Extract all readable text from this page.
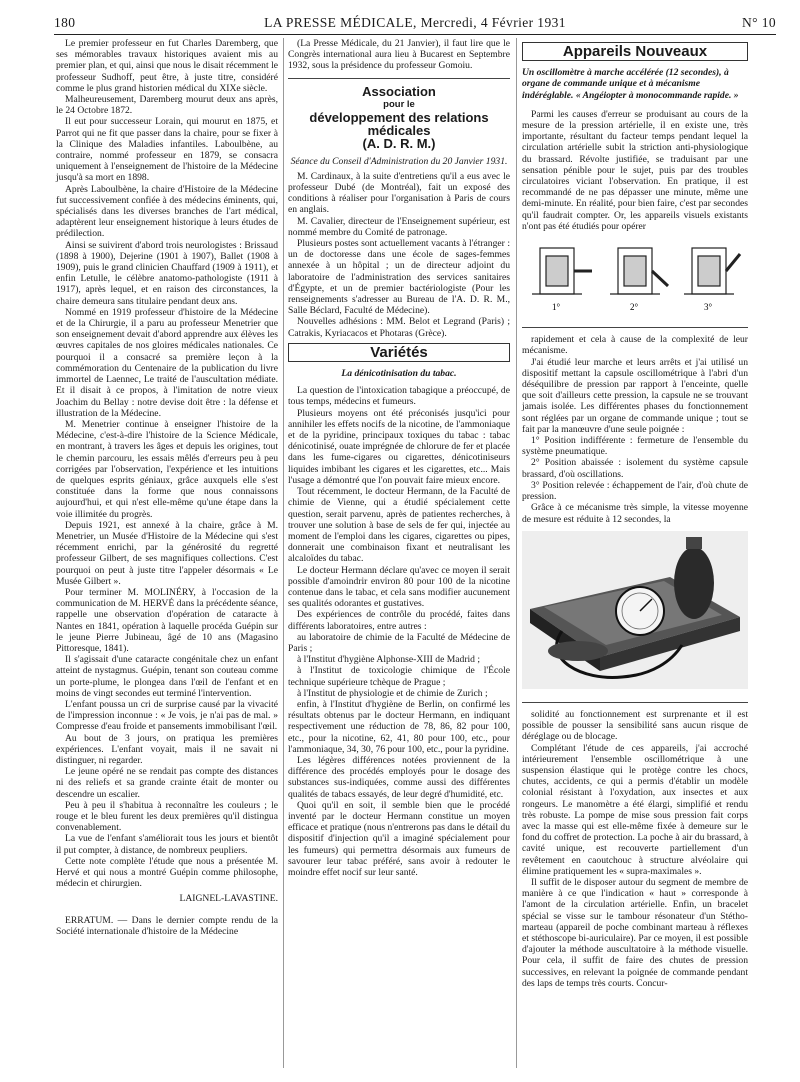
180	LA PRESSE MÉDICALE, Mercredi, 4 Février 1931	N° 10

Le premier professeur en fut Charles Daremberg, que ses mémorables travaux historiques avaient mis au premier plan, et qui, ainsi que nous le disait récemment le professeur Sudhoff, peut être, à juste titre, considéré comme le plus grand historien médical du XIXe siècle.

Malheureusement, Daremberg mourut deux ans après, le 24 Octobre 1872.

Il eut pour successeur Lorain, qui mourut en 1875, et Parrot qui ne fit que passer dans la chaire, pour se fixer à la Clinique des Maladies infantiles. Laboulbène, au contraire, nommé professeur en 1879, se consacra uniquement à l'enseignement de l'histoire de la Médecine jusqu'à sa mort en 1898.

Après Laboulbène, la chaire d'Histoire de la Médecine fut successivement confiée à des médecins éminents, qui, spécialisés dans les diverses branches de l'art médical, adaptèrent leur enseignement historique à leurs études de prédilection.

Ainsi se suivirent d'abord trois neurologistes : Brissaud (1898 à 1900), Dejerine (1901 à 1907), Ballet (1908 à 1909), puis le grand clinicien Chauffard (1909 à 1911), et enfin Letulle, le célèbre anatomo-pathologiste (1911 à 1917), après lequel, et en raison des circonstances, la chaire demeura sans titulaire pendant deux ans.

Nommé en 1919 professeur d'histoire de la Médecine et de la Chirurgie, il a paru au professeur Menetrier que son enseignement devait d'abord apprendre aux élèves les œuvres capitales de nos gloires médicales nationales. Ce pourquoi il a consacré sa première leçon à la commémoration du Centenaire de la publication du livre immortel de Laennec, Le traité de l'auscultation médiate. Et il disait à ce propos, à l'imitation de notre vieux Joachim du Bellay : notre devise doit être : la défense et illustration de la Médecine.

M. Menetrier continue à enseigner l'histoire de la Médecine, c'est-à-dire l'histoire de la Science Médicale, en montrant, à travers les âges et depuis les origines, tout le chemin parcouru, les essais mêlés d'erreurs peu à peu corrigées par l'observation, l'expérience et les intuitions de quelques esprits géniaux, grâce auxquels elle s'est constituée dans la forme que nous connaissons aujourd'hui, et qui n'est elle-même qu'une étape dans la voie illimitée du progrès.

Depuis 1921, est annexé à la chaire, grâce à M. Menetrier, un Musée d'Histoire de la Médecine qui s'est récemment enrichi, par la générosité du regretté professeur Gilbert, de ses magnifiques collections. C'est pourquoi on peut à juste titre l'appeler désormais « Le Musée Gilbert ».

Pour terminer M. MOLINÉRY, à l'occasion de la communication de M. HERVÉ dans la précédente séance, rappelle une observation d'opération de cataracte à Nantes en 1841, opération à laquelle procéda Guépin sur le jeune Pierre Jubineau, âgé de 10 ans (Magasino Pittoresque, 1841).

Il s'agissait d'une cataracte congénitale chez un enfant atteint de nystagmus. Guépin, tenant son couteau comme un porte-plume, le plongea dans l'œil de l'enfant et en moins de vingt secondes eut terminé l'intervention.

L'enfant poussa un cri de surprise causé par la vivacité de l'impression inconnue : « Je vois, je n'ai pas de mal. » Compresse d'eau froide et pansements immobilisant l'œil.

Au bout de 3 jours, on pratiqua les premières expériences. L'enfant voyait, mais il ne savait ni distinguer, ni regarder.

Le jeune opéré ne se rendait pas compte des distances ni des reliefs et sa grande crainte était de monter ou descendre un escalier.

Peu à peu il s'habitua à reconnaître les couleurs ; le rouge et le bleu furent les deux premières qu'il distingua convenablement.

La vue de l'enfant s'améliorait tous les jours et bientôt il put compter, à distance, de nombreux peupliers.

Cette note complète l'étude que nous a présentée M. Hervé et qui nous a montré Guépin comme philosophe, médecin et chirurgien.

LAIGNEL-LAVASTINE.

ERRATUM. — Dans le dernier compte rendu de la Société internationale d'histoire de la Médecine

(La Presse Médicale, du 21 Janvier), il faut lire que le Congrès international aura lieu à Bucarest en Septembre 1932, sous la présidence du professeur Gomoiu.

Association
pour le
développement des relations médicales
(A. D. R. M.)
Séance du Conseil d'Administration du 20 Janvier 1931.

M. Cardinaux, à la suite d'entretiens qu'il a eus avec le professeur Dubé (de Montréal), fait un exposé des conditions à réaliser pour l'organisation à Paris de cours en anglais.

M. Cavalier, directeur de l'Enseignement supérieur, est nommé membre du Comité de patronage.

Plusieurs postes sont actuellement vacants à l'étranger : un de doctoresse dans une école de sages-femmes annexée à un hôpital ; un de directeur adjoint du laboratoire de l'administration des services sanitaires d'Égypte, et un de premier bactériologiste (Pour les renseignements s'adresser au Bureau de l'A. D. R. M., Salle Béclard, Faculté de Médecine).

Nouvelles adhésions : MM. Belot et Legrand (Paris) ; Catrakis, Kyriacacos et Photaras (Grèce).

Variétés
La dénicotinisation du tabac.

La question de l'intoxication tabagique a préoccupé, de tous temps, médecins et fumeurs.

Plusieurs moyens ont été préconisés jusqu'ici pour annihiler les effets nocifs de la nicotine, de l'ammoniaque et de la pyridine, principaux toxiques du tabac : tabac dénicotinisé, ouate imprégnée de chlorure de fer et placée dans les fume-cigares ou cigarettes, dénicotiniseurs liquides imbibant les cigares et les cigarettes, etc... Mais l'usage a démontré que l'on pouvait faire mieux encore.

Tout récemment, le docteur Hermann, de la Faculté de chimie de Vienne, qui a étudié spécialement cette question, serait parvenu, après de patientes recherches, à trouver une solution à base de sels de fer qui, injectée au moment de l'emploi dans les cigares, cigarettes ou pipes, donnerait une combinaison fixant et neutralisant les alcaloïdes du tabac.

Le docteur Hermann déclare qu'avec ce moyen il serait possible d'amoindrir environ 80 pour 100 de la nicotine contenue dans le tabac, et cela sans modifier aucunement ses qualités odorantes et gustatives.

Des expériences de contrôle du procédé, faites dans différents laboratoires, entre autres :

au laboratoire de chimie de la Faculté de Médecine de Paris ;

à l'Institut d'hygiène Alphonse-XIII de Madrid ;

à l'Institut de toxicologie chimique de l'École technique supérieure tchèque de Prague ;

à l'Institut de physiologie et de chimie de Zurich ;

enfin, à l'Institut d'hygiène de Berlin, on confirmé les résultats obtenus par le docteur Hermann, en indiquant respectivement une réduction de 78, 86, 82 pour 100, etc., pour la nicotine, 62, 41, 80 pour 100, etc., pour l'ammoniaque, 34, 30, 76 pour 100, etc., pour la pyridine.

Les légères différences notées proviennent de la différence des procédés employés pour le dosage des substances sus-indiquées, comme aussi des différentes qualités de tabacs essayés, de leur degré d'humidité, etc.

Quoi qu'il en soit, il semble bien que le procédé inventé par le docteur Hermann constitue un moyen efficace et pratique (nous n'entrerons pas dans le détail du dispositif d'injection qu'il a imaginé spécialement pour les fumeurs) qui permettra désormais aux fumeurs de savourer leur tabac préféré, sans avoir à redouter le moindre effet nocif sur leur santé.

Appareils Nouveaux
Un oscillomètre à marche accélérée (12 secondes), à organe de commande unique et à mécanisme indéréglable. « Angéiopter à monocommande rapide. »

Parmi les causes d'erreur se produisant au cours de la mesure de la pression artérielle, il en existe une, très importante, résultant du facteur temps pendant lequel la circulation artérielle subit la striction anti-physiologique du brassard. Révolte justifiée, se traduisant par une sensation pénible pour le sujet, puis par des troubles circulatoires viciant l'observation. En pratique, il est recommandé de ne pas dépasser une minute, même une demi-minute. En réalité, pour bien faire, c'est par secondes qu'il faudrait compter. Or, les appareils visuels existants n'ont pas été étudiés pour opérer

1°	2°	3°

rapidement et cela à cause de la complexité de leur mécanisme.

J'ai étudié leur marche et leurs arrêts et j'ai utilisé un dispositif mettant la capsule oscillométrique à l'abri d'un déséquilibre de pression par rapport à l'enceinte, quelle que soit d'ailleurs cette pression, la capsule ne se trouvant jamais isolée. Les différentes phases du fonctionnement sont réglées par un organe de commande unique ; tout se fait par la manœuvre d'une seule poignée :

1° Position indifférente : fermeture de l'ensemble du système pneumatique.

2° Position abaissée : isolement du système capsule brassard, d'où oscillations.

3° Position relevée : échappement de l'air, d'où chute de pression.

Grâce à ce mécanisme très simple, la vitesse moyenne de mesure est réduite à 12 secondes, la

solidité au fonctionnement est surprenante et il est possible de pousser la sensibilité sans aucun risque de déréglage ou de blocage.

Complétant l'étude de ces appareils, j'ai accroché intérieurement l'ensemble oscillométrique à une suspension élastique qui le protège contre les chocs, chutes, accidents, ce qui a permis d'établir un modèle colonial résistant à l'oxydation, aux insectes et aux rongeurs. Le manomètre a été élargi, simplifié et rendu très robuste. La pompe de mise sous pression fait corps avec la masse qui est elle-même fixée à demeure sur le fond du coffret de protection. La poche à air du brassard, à cavité unique, est recouverte partiellement d'un revêtement en caoutchouc à structure alvéolaire qui élimine pratiquement les « supra-maximales ».

Il suffit de le disposer autour du segment de membre de manière à ce que l'indication « haut » corresponde à l'amont de la circulation artérielle. Enfin, un bracelet spécial se visse sur le tambour résonateur d'un Stétho-marteau (appareil de poche combinant marteau à réflexes et stéthoscope bi-auriculaire). Par ce moyen, il est possible d'ajouter la méthode auscultatoire à la méthode visuelle. Pour cela, il suffit de faire des chutes de pression successives, en relevant la poignée de commande pendant des laps de temps très courts. Concur-
